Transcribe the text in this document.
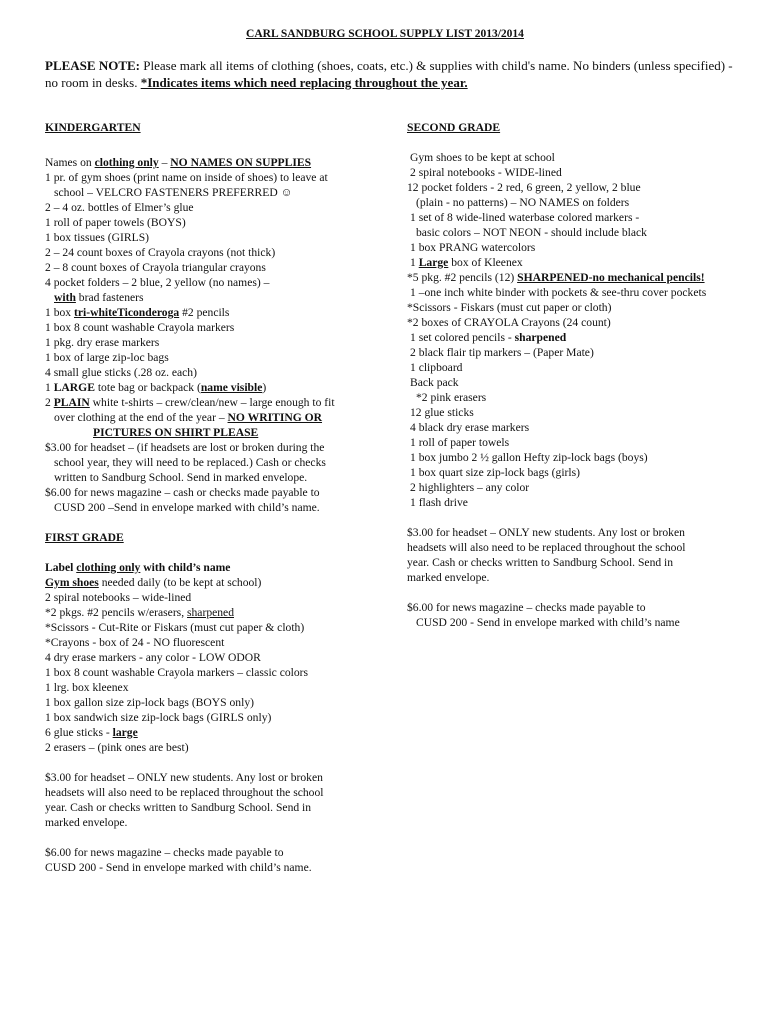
CARL SANDBURG SCHOOL SUPPLY LIST 2013/2014
PLEASE NOTE: Please mark all items of clothing (shoes, coats, etc.) & supplies with child's name. No binders (unless specified) - no room in desks. *Indicates items which need replacing throughout the year.
KINDERGARTEN
Names on clothing only – NO NAMES ON SUPPLIES
1 pr. of gym shoes (print name on inside of shoes) to leave at
school – VELCRO FASTENERS PREFERRED ☺
2 – 4 oz. bottles of Elmer’s glue
1 roll of paper towels (BOYS)
1 box tissues (GIRLS)
2 – 24 count boxes of Crayola crayons (not thick)
2 – 8 count boxes of Crayola triangular crayons
4 pocket folders – 2 blue, 2 yellow (no names) –
with brad fasteners
1 box tri-whiteTiconderoga #2 pencils
1 box 8 count washable Crayola markers
1 pkg. dry erase markers
1 box of large zip-loc bags
4 small glue sticks (.28 oz. each)
1 LARGE tote bag or backpack (name visible)
2 PLAIN white t-shirts – crew/clean/new – large enough to fit
over clothing at the end of the year – NO WRITING OR
PICTURES ON SHIRT PLEASE
$3.00 for headset – (if headsets are lost or broken during the
school year, they will need to be replaced.) Cash or checks
written to Sandburg School. Send in marked envelope.
$6.00 for news magazine – cash or checks made payable to
CUSD 200 –Send in envelope marked with child’s name.
FIRST GRADE
Label clothing only with child’s name
Gym shoes needed daily (to be kept at school)
2 spiral notebooks – wide-lined
*2 pkgs. #2 pencils w/erasers, sharpened
*Scissors - Cut-Rite or Fiskars (must cut paper & cloth)
*Crayons - box of 24 - NO fluorescent
4 dry erase markers - any color - LOW ODOR
1 box 8 count washable Crayola markers – classic colors
1 lrg. box kleenex
1 box gallon size zip-lock bags (BOYS only)
1 box sandwich size zip-lock bags (GIRLS only)
6 glue sticks - large
2 erasers – (pink ones are best)
$3.00 for headset – ONLY new students. Any lost or broken
headsets will also need to be replaced throughout the school
year. Cash or checks written to Sandburg School. Send in
marked envelope.
$6.00 for news magazine – checks made payable to
CUSD 200 - Send in envelope marked with child’s name.
SECOND GRADE
Gym shoes to be kept at school
2 spiral notebooks - WIDE-lined
12 pocket folders - 2 red, 6 green, 2 yellow, 2 blue
(plain - no patterns) – NO NAMES on folders
1 set of 8 wide-lined waterbase colored markers -
basic colors – NOT NEON - should include black
1 box PRANG watercolors
1 Large box of Kleenex
*5 pkg. #2 pencils (12) SHARPENED-no mechanical pencils!
1 –one inch white binder with pockets & see-thru cover pockets
*Scissors - Fiskars (must cut paper or cloth)
*2 boxes of CRAYOLA Crayons (24 count)
1 set colored pencils - sharpened
2 black flair tip markers – (Paper Mate)
1 clipboard
Back pack
*2 pink erasers
12 glue sticks
4 black dry erase markers
1 roll of paper towels
1 box jumbo 2 ½ gallon Hefty zip-lock bags (boys)
1 box quart size zip-lock bags (girls)
2 highlighters – any color
1 flash drive
$3.00 for headset – ONLY new students. Any lost or broken
headsets will also need to be replaced throughout the school
year. Cash or checks written to Sandburg School. Send in
marked envelope.
$6.00 for news magazine – checks made payable to
CUSD 200 - Send in envelope marked with child’s name
